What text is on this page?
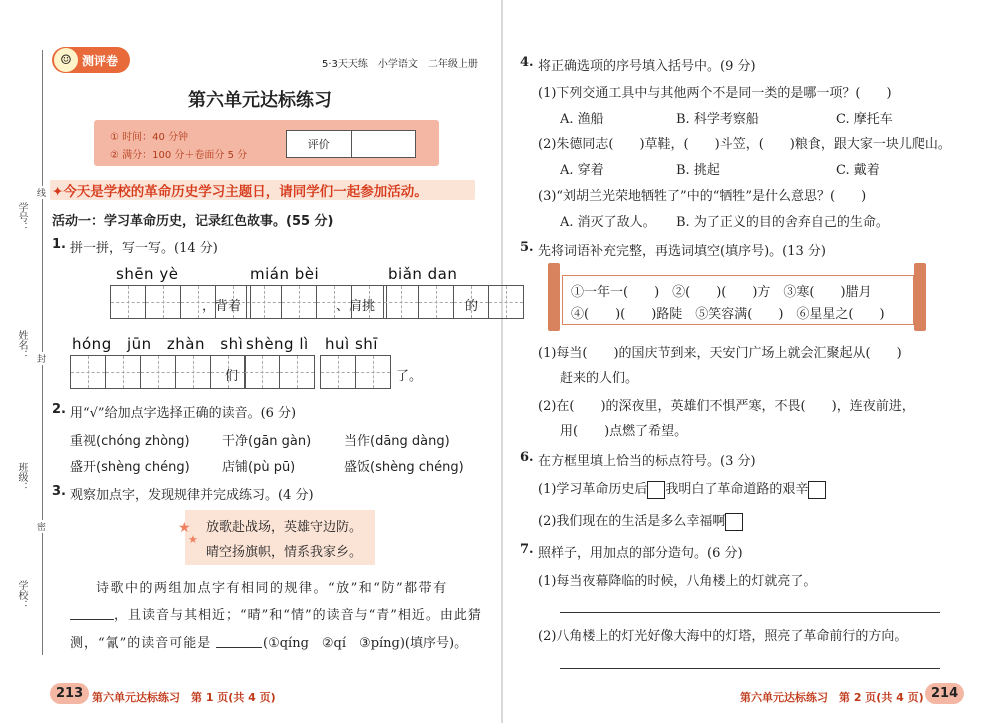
学号：
姓名：
班级：
学校：
线
封
密
☺ 测评卷	5·3天天练　小学语文　二年级上册
第六单元达标练习
① 时间：40 分钟
② 满分：100 分＋卷面分 5 分
评价
✦今天是学校的革命历史学习主题日，请同学们一起参加活动。
活动一：学习革命历史，记录红色故事。(55 分)
1. 拼一拼，写一写。(14 分)
shēn yè	mián bèi	biǎn dan
，背着	、肩挑	的
hóng jūn zhàn shì shèng lì huì shī
们	了。
2. 用“√”给加点字选择正确的读音。(6 分)
重视(chóng zhòng) 干净(gān gàn)	当作(dāng dàng)
盛开(shèng chéng) 店铺(pù pū)	盛饭(shèng chéng)
3. 观察加点字，发现规律并完成练习。(4 分)
★
★
放歌赴战场，英雄守边防。
晴空扬旗帜，情系我家乡。
诗歌中的两组加点字有相同的规律。“放”和“防”都带有
，且读音与其相近；“晴”和“情”的读音与“青”相近。由此猜
测，“氰”的读音可能是	(①qíng　②qí　③pínɡ)(填序号)。
213 第六单元达标练习　第 1 页(共 4 页)
4. 将正确选项的序号填入括号中。(9 分)
(1)下列交通工具中与其他两个不是同一类的是哪一项？(　　)
A. 渔船	B. 科学考察船	C. 摩托车
(2)朱德同志(　　)草鞋，(　　)斗笠，(　　)粮食，跟大家一块儿爬山。
A. 穿着	B. 挑起	C. 戴着
(3)“刘胡兰光荣地牺牲了”中的“牺牲”是什么意思？(　　)
A. 消灭了敌人。 B. 为了正义的目的舍弃自己的生命。
5. 先将词语补充完整，再选词填空(填序号)。(13 分)
①一年一(　　)　②(　　)(　　)方　③寒(　　)腊月
④(　　)(　　)路陡　⑤笑容满(　　)　⑥星星之(　　)
(1)每当(　　)的国庆节到来，天安门广场上就会汇聚起从(　　)
赶来的人们。
(2)在(　　)的深夜里，英雄们不惧严寒，不畏(　　)，连夜前进，
用(　　)点燃了希望。
6. 在方框里填上恰当的标点符号。(3 分)
(1)学习革命历史后 我明白了革命道路的艰辛
(2)我们现在的生活是多么幸福啊
7. 照样子，用加点的部分造句。(6 分)
(1)每当夜幕降临的时候，八角楼上的灯就亮了。
(2)八角楼上的灯光好像大海中的灯塔，照亮了革命前行的方向。
第六单元达标练习　第 2 页(共 4 页) 214
